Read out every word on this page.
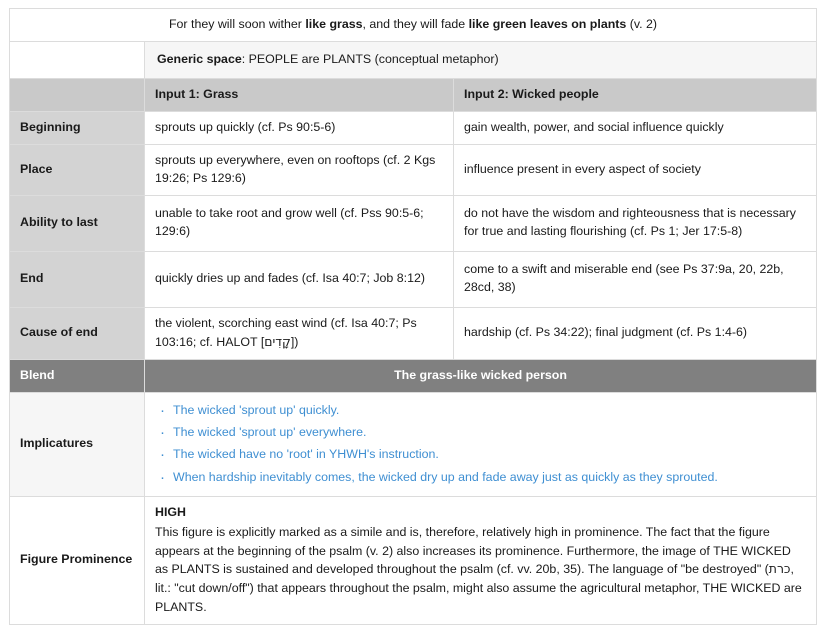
For they will soon wither like grass, and they will fade like green leaves on plants (v. 2)		
	Generic space: PEOPLE are PLANTS (conceptual metaphor)	
	Input 1: Grass	Input 2: Wicked people
Beginning	sprouts up quickly (cf. Ps 90:5-6)	gain wealth, power, and social influence quickly
Place	sprouts up everywhere, even on rooftops (cf. 2 Kgs 19:26; Ps 129:6)	influence present in every aspect of society
Ability to last	unable to take root and grow well (cf. Pss 90:5-6; 129:6)	do not have the wisdom and righteousness that is necessary for true and lasting flourishing (cf. Ps 1; Jer 17:5-8)
End	quickly dries up and fades (cf. Isa 40:7; Job 8:12)	come to a swift and miserable end (see Ps 37:9a, 20, 22b, 28cd, 38)
Cause of end	the violent, scorching east wind (cf. Isa 40:7; Ps 103:16; cf. HALOT [קָדִים])	hardship (cf. Ps 34:22); final judgment (cf. Ps 1:4-6)
Blend	The grass-like wicked person	
Implicatures	
· The wicked 'sprout up' quickly.
· The wicked 'sprout up' everywhere.
· The wicked have no 'root' in YHWH's instruction.
· When hardship inevitably comes, the wicked dry up and fade away just as quickly as they sprouted.

Figure Prominence	HIGH
This figure is explicitly marked as a simile and is, therefore, relatively high in prominence. The fact that the figure appears at the beginning of the psalm (v. 2) also increases its prominence. Furthermore, the image of THE WICKED as PLANTS is sustained and developed throughout the psalm (cf. vv. 20b, 35). The language of "be destroyed" (כרת, lit.: "cut down/off") that appears throughout the psalm, might also assume the agricultural metaphor, THE WICKED are PLANTS.	
